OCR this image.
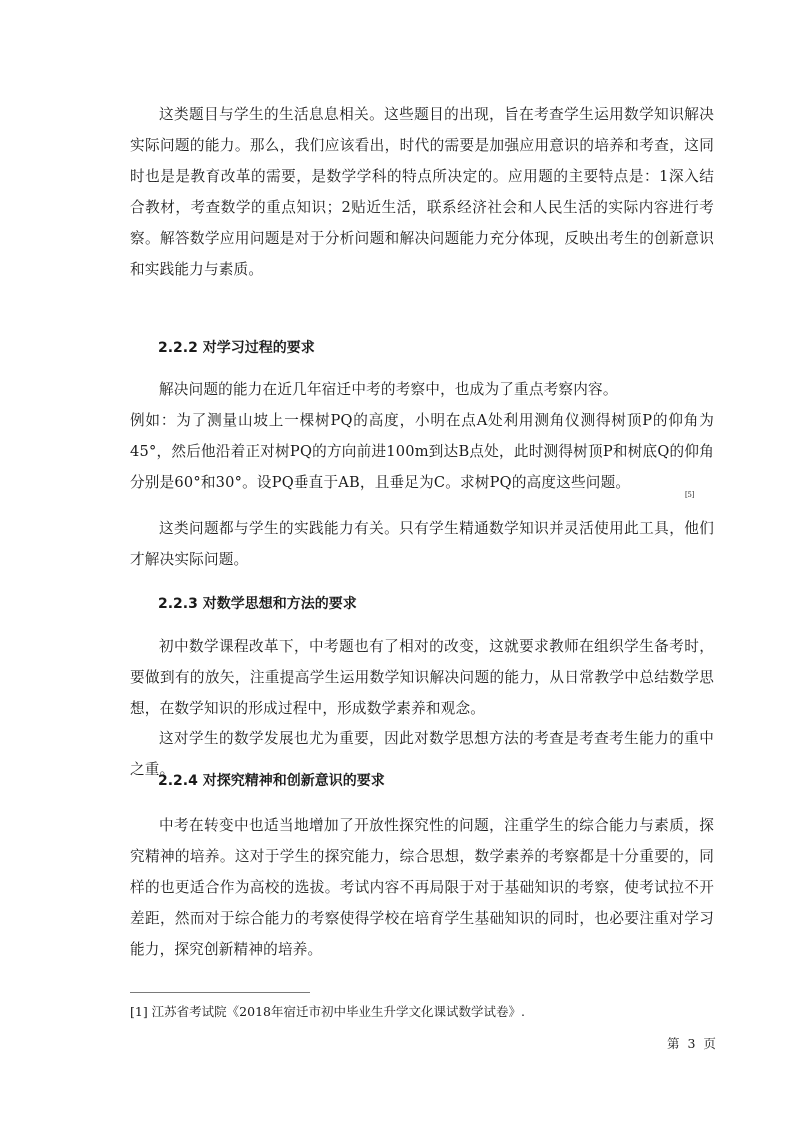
这类题目与学生的生活息息相关。这些题目的出现，旨在考查学生运用数学知识解决实际问题的能力。那么，我们应该看出，时代的需要是加强应用意识的培养和考查，这同时也是是教育改革的需要，是数学学科的特点所决定的。应用题的主要特点是：1深入结合教材，考查数学的重点知识；2贴近生活，联系经济社会和人民生活的实际内容进行考察。解答数学应用问题是对于分析问题和解决问题能力充分体现，反映出考生的创新意识和实践能力与素质。

2.2.2 对学习过程的要求

解决问题的能力在近几年宿迁中考的考察中，也成为了重点考察内容。

例如：为了测量山坡上一棵树PQ的高度，小明在点A处利用测角仪测得树顶P的仰角为45°，然后他沿着正对树PQ的方向前进100m到达B点处，此时测得树顶P和树底Q的仰角分别是60°和30°。设PQ垂直于AB，且垂足为C。求树PQ的高度这些问题。

[5]

这类问题都与学生的实践能力有关。只有学生精通数学知识并灵活使用此工具，他们才解决实际问题。

2.2.3 对数学思想和方法的要求

初中数学课程改革下，中考题也有了相对的改变，这就要求教师在组织学生备考时，要做到有的放矢，注重提高学生运用数学知识解决问题的能力，从日常教学中总结数学思想，在数学知识的形成过程中，形成数学素养和观念。

这对学生的数学发展也尤为重要，因此对数学思想方法的考查是考查考生能力的重中之重。

2.2.4 对探究精神和创新意识的要求

中考在转变中也适当地增加了开放性探究性的问题，注重学生的综合能力与素质，探究精神的培养。这对于学生的探究能力，综合思想，数学素养的考察都是十分重要的，同样的也更适合作为高校的选拔。考试内容不再局限于对于基础知识的考察，使考试拉不开差距，然而对于综合能力的考察使得学校在培育学生基础知识的同时，也必要注重对学习能力，探究创新精神的培养。

[1] 江苏省考试院《2018年宿迁市初中毕业生升学文化课试数学试卷》.
第 3 页
